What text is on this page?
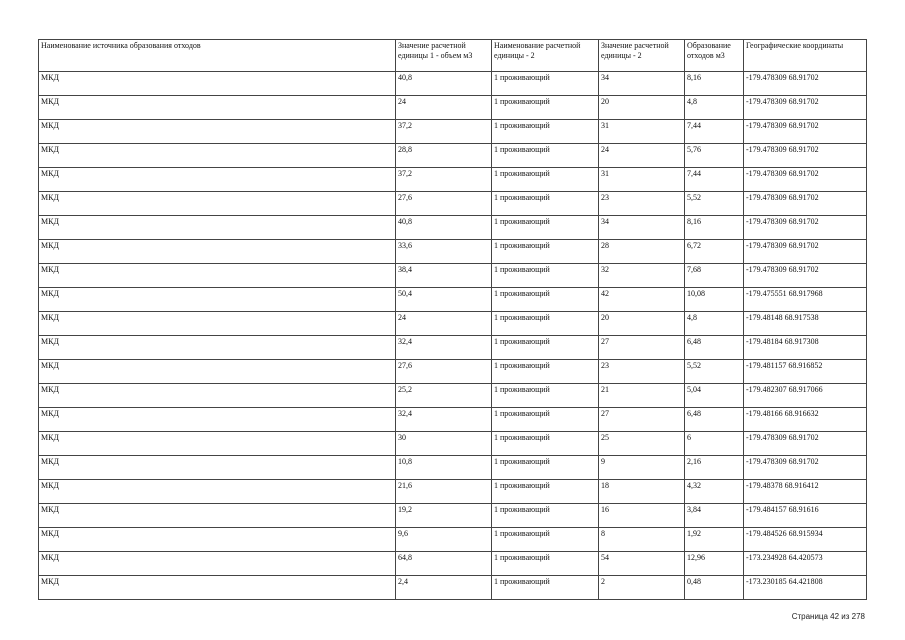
Наименование источника образования отходов	Значение расчетной единицы 1 - объем м3	Наименование расчетной единицы - 2	Значение расчетной единицы - 2	Образование отходов м3	Географические координаты
МКД	40,8	1 проживающий	34	8,16	-179.478309 68.91702
МКД	24	1 проживающий	20	4,8	-179.478309 68.91702
МКД	37,2	1 проживающий	31	7,44	-179.478309 68.91702
МКД	28,8	1 проживающий	24	5,76	-179.478309 68.91702
МКД	37,2	1 проживающий	31	7,44	-179.478309 68.91702
МКД	27,6	1 проживающий	23	5,52	-179.478309 68.91702
МКД	40,8	1 проживающий	34	8,16	-179.478309 68.91702
МКД	33,6	1 проживающий	28	6,72	-179.478309 68.91702
МКД	38,4	1 проживающий	32	7,68	-179.478309 68.91702
МКД	50,4	1 проживающий	42	10,08	-179.475551 68.917968
МКД	24	1 проживающий	20	4,8	-179.48148 68.917538
МКД	32,4	1 проживающий	27	6,48	-179.48184 68.917308
МКД	27,6	1 проживающий	23	5,52	-179.481157 68.916852
МКД	25,2	1 проживающий	21	5,04	-179.482307 68.917066
МКД	32,4	1 проживающий	27	6,48	-179.48166 68.916632
МКД	30	1 проживающий	25	6	-179.478309 68.91702
МКД	10,8	1 проживающий	9	2,16	-179.478309 68.91702
МКД	21,6	1 проживающий	18	4,32	-179.48378 68.916412
МКД	19,2	1 проживающий	16	3,84	-179.484157 68.91616
МКД	9,6	1 проживающий	8	1,92	-179.484526 68.915934
МКД	64,8	1 проживающий	54	12,96	-173.234928 64.420573
МКД	2,4	1 проживающий	2	0,48	-173.230185 64.421808
Страница 42 из 278
